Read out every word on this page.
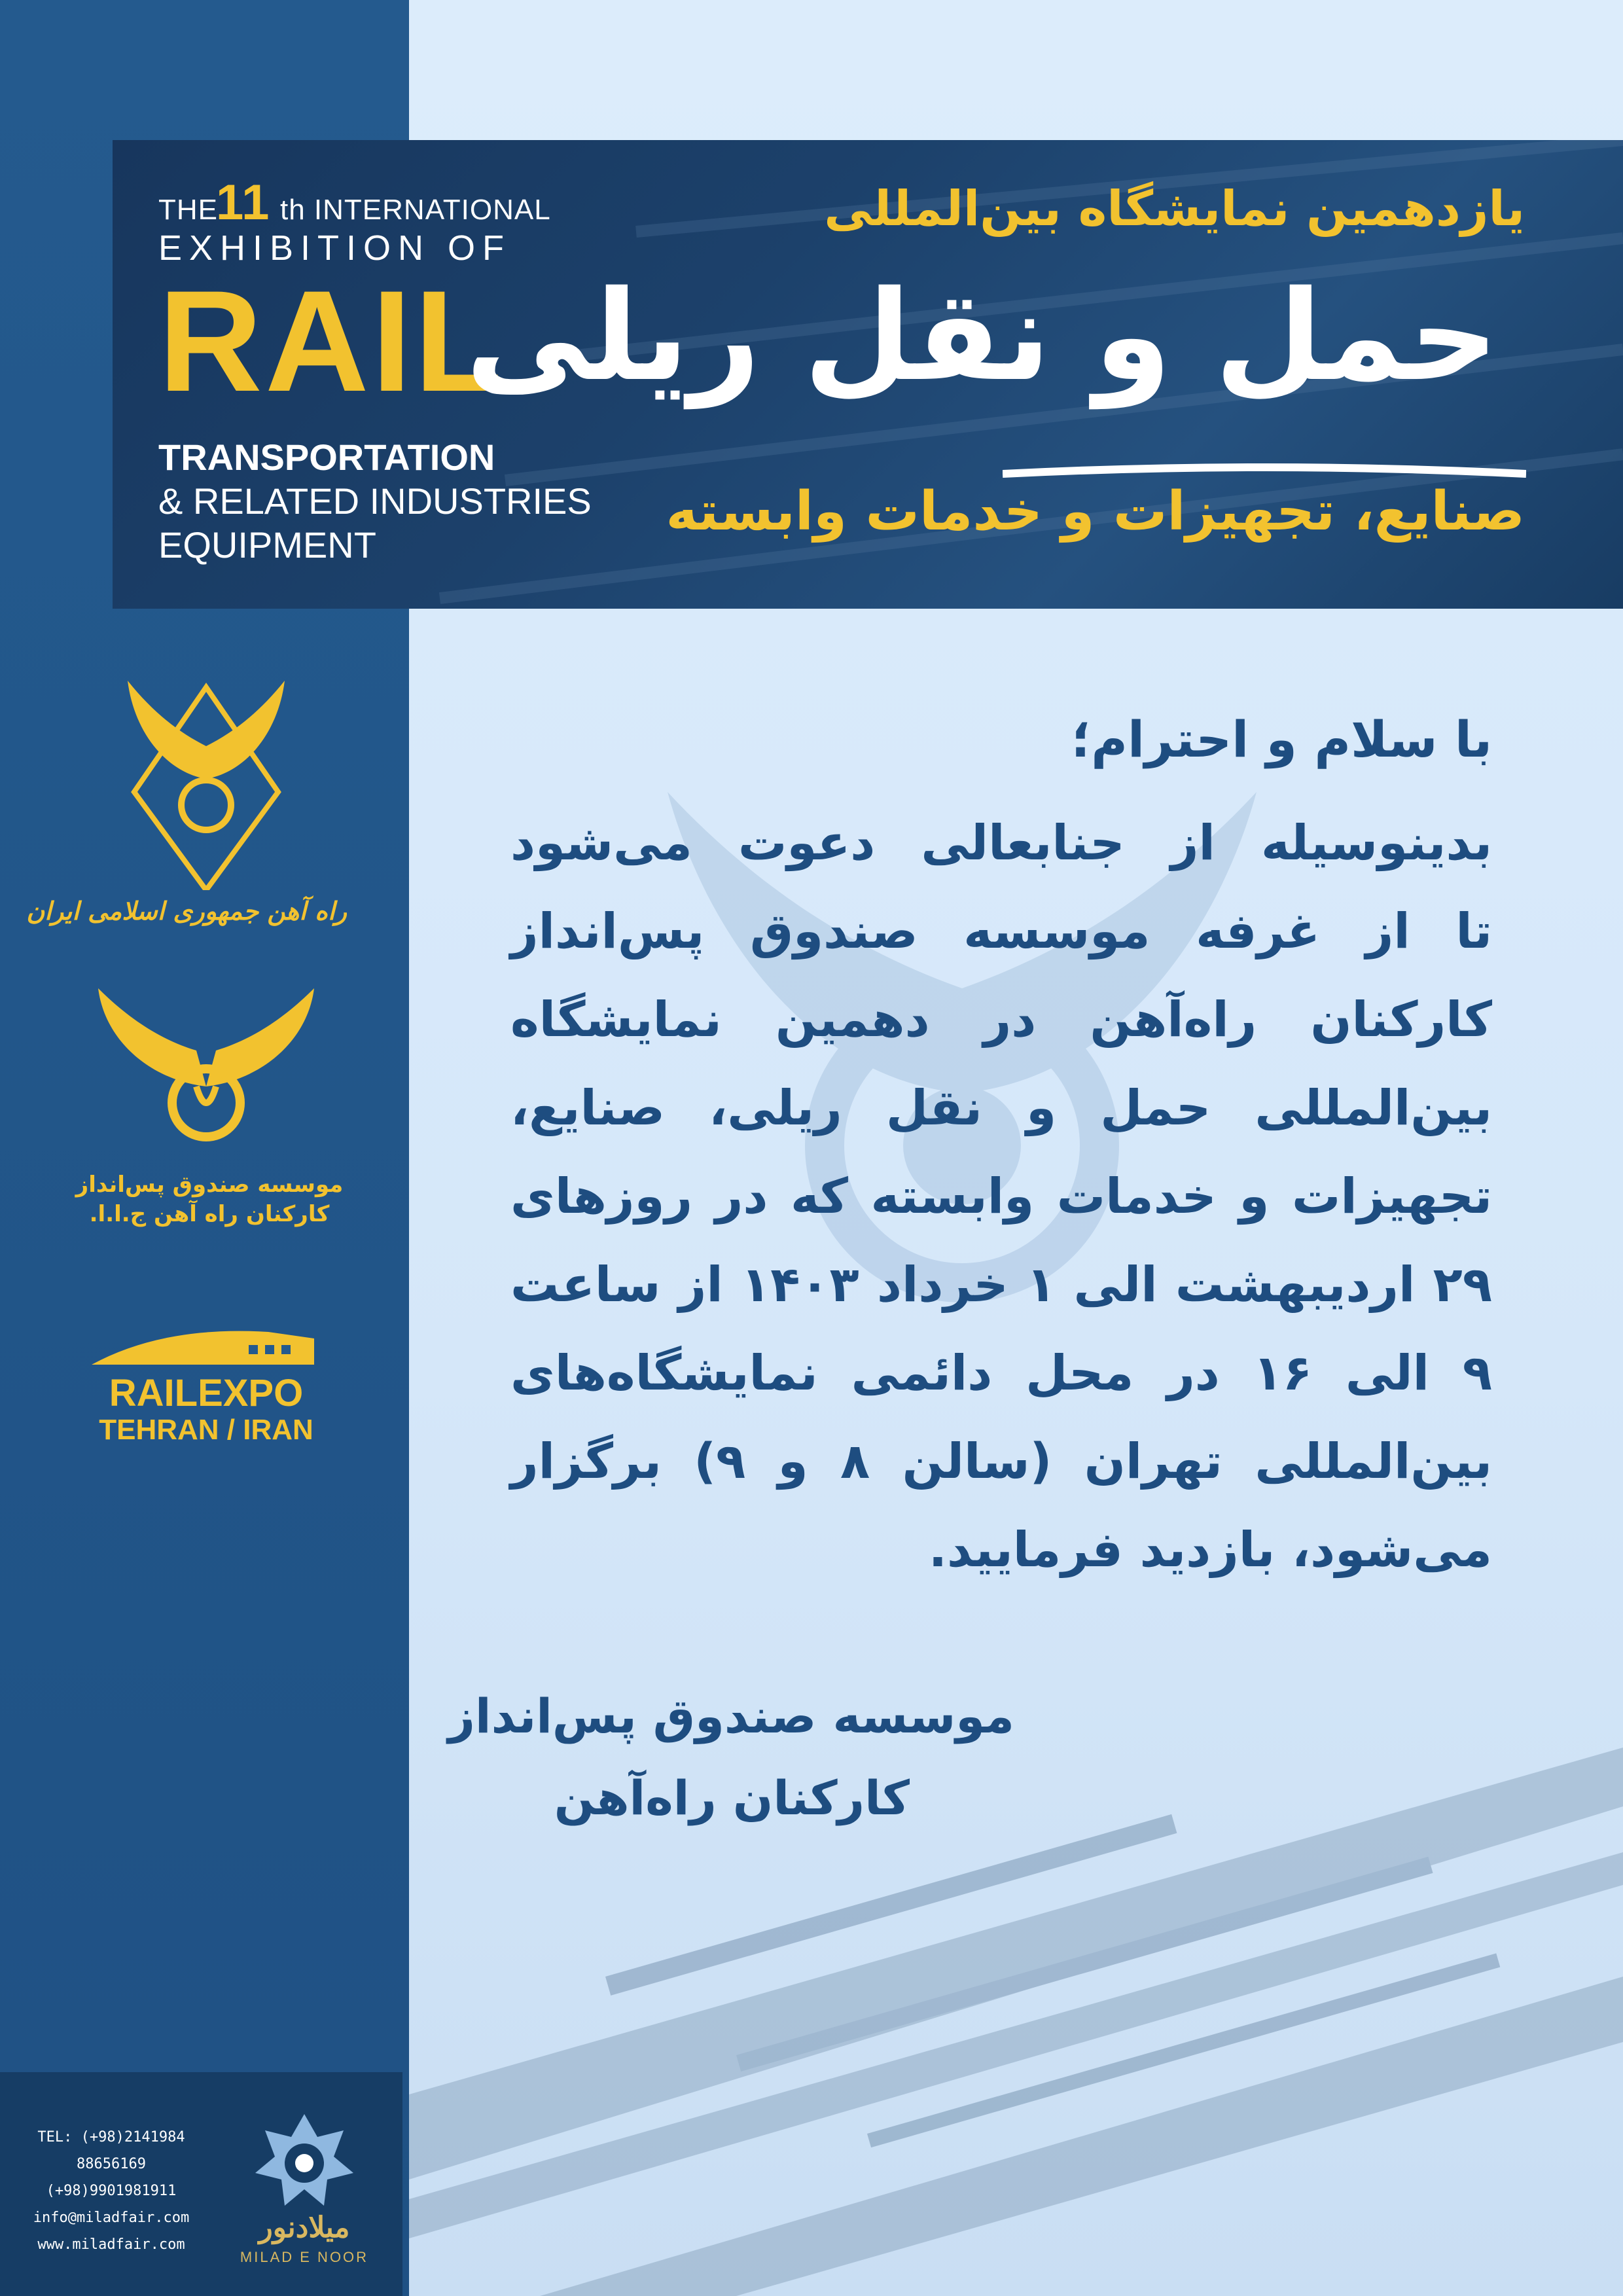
THE
11 th INTERNATIONAL
EXHIBITION OF
RAIL
TRANSPORTATION
& RELATED INDUSTRIES
EQUIPMENT
یازدهمین نمایشگاه بین‌المللی
حمل و نقل ریلی
صنایع، تجهیزات و خدمات وابسته
راه آهن جمهوری اسلامی ایران
موسسه صندوق پس‌انداز
کارکنان راه آهن ج.ا.ا.
RAILEXPO
TEHRAN / IRAN
با سلام و احترام؛
بدینوسیله از جنابعالی دعوت می‌شود
تا از غرفه موسسه صندوق پس‌انداز
کارکنان راه‌آهن در دهمین نمایشگاه
بین‌المللی حمل و نقل ریلی، صنایع،
تجهیزات و خدمات وابسته که در روزهای
۲۹ اردیبهشت الی ۱ خرداد ۱۴۰۳ از ساعت
۹ الی ۱۶ در محل دائمی نمایشگاه‌های
بین‌المللی تهران (سالن ۸ و ۹) برگزار
می‌شود، بازدید فرمایید.
موسسه صندوق پس‌انداز
کارکنان راه‌آهن
TEL: (+98)2141984
88656169
(+98)9901981911
info@miladfair.com
www.miladfair.com
میلادنور
MILAD E NOOR
